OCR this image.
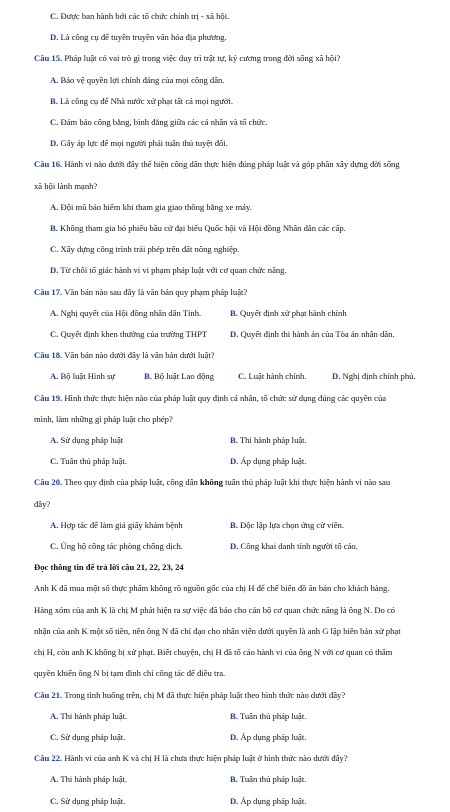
C. Được ban hành bởi các tổ chức chính trị - xã hội.
D. Là công cụ để tuyên truyền văn hóa địa phương.
Câu 15. Pháp luật có vai trò gì trong việc duy trì trật tự, kỷ cương trong đời sống xã hội?
A. Bảo vệ quyền lợi chính đáng của mọi công dân.
B. Là công cụ để Nhà nước xử phạt tất cả mọi người.
C. Đảm bảo công bằng, bình đẳng giữa các cá nhân và tổ chức.
D. Gây áp lực để mọi người phải tuân thủ tuyệt đối.
Câu 16. Hành vi nào dưới đây thể hiện công dân thực hiện đúng pháp luật và góp phần xây dựng đời sống
xã hội lành mạnh?
A. Đội mũ bảo hiểm khi tham gia giao thông bằng xe máy.
B. Không tham gia bỏ phiếu bầu cử đại biểu Quốc hội và Hội đồng Nhân dân các cấp.
C. Xây dựng công trình trái phép trên đất nông nghiệp.
D. Từ chối tố giác hành vi vi phạm pháp luật với cơ quan chức năng.
Câu 17. Văn bản nào sau đây là văn bản quy phạm pháp luật?
A. Nghị quyết của Hội đồng nhân dân Tỉnh.	B. Quyết định xử phạt hành chính
C. Quyết định khen thưởng của trường THPT	D. Quyết định thi hành án của Tòa án nhân dân.
Câu 18. Văn bản nào dưới đây là văn bản dưới luật?
A. Bộ luật Hình sự	B. Bộ luật Lao động	C. Luật hành chính.	D. Nghị định chính phủ.
Câu 19. Hình thức thực hiện nào của pháp luật quy định cá nhân, tổ chức sử dụng đúng các quyền của
mình, làm những gì pháp luật cho phép?
A. Sử dụng pháp luật	B. Thi hành pháp luật.
C. Tuân thủ pháp luật.	D. Áp dụng pháp luật.
Câu 20. Theo quy định của pháp luật, công dân không tuân thủ pháp luật khi thực hiện hành vi nào sau
đây?
A. Hợp tác để làm giả giấy khám bệnh	B. Độc lập lựa chọn ứng cử viên.
C. Ủng hộ công tác phòng chống dịch.	D. Công khai danh tính người tố cáo.
Đọc thông tin để trả lời câu 21, 22, 23, 24
Anh K đã mua một số thực phẩm không rõ nguồn gốc của chị H để chế biến đồ ăn bán cho khách hàng.
Hàng xóm của anh K là chị M phát hiện ra sự việc đã báo cho cán bộ cơ quan chức năng là ông N. Do có
nhận của anh K một số tiền, nên ông N đã chỉ đạo cho nhân viên dưới quyền là anh G lập biên bản xử phạt
chị H, còn anh K không bị xử phạt. Biết chuyện, chị H đã tố cáo hành vi của ông N với cơ quan có thẩm
quyền khiến ông N bị tạm đình chỉ công tác để điều tra.
Câu 21. Trong tình huống trên, chị M đã thực hiện pháp luật theo hình thức nào dưới đây?
A. Thi hành pháp luật.	B. Tuân thủ pháp luật.
C. Sử dụng pháp luật.	D. Áp dụng pháp luật.
Câu 22. Hành vi của anh K và chị H là chưa thực hiện pháp luật ở hình thức nào dưới đây?
A. Thi hành pháp luật.	B. Tuân thủ pháp luật.
C. Sử dụng pháp luật.	D. Áp dụng pháp luật.
